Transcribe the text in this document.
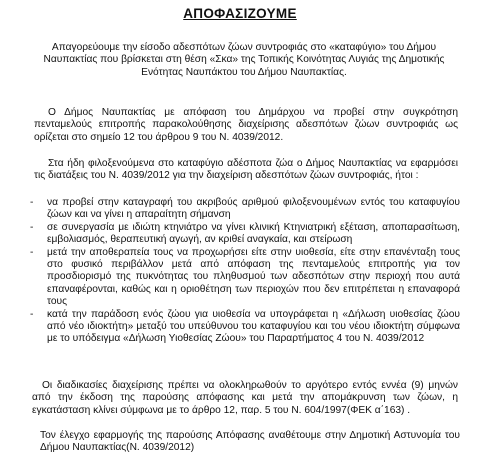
ΑΠΟΦΑΣΙΖΟΥΜΕ
Απαγορεύουμε την είσοδο αδεσπότων ζώων συντροφιάς στο «καταφύγιο» του Δήμου Ναυπακτίας που βρίσκεται στη θέση «Σκα» της Τοπικής Κοινότητας Λυγιάς της Δημοτικής Ενότητας Ναυπάκτου του Δήμου Ναυπακτίας.
Ο Δήμος Ναυπακτίας με απόφαση του Δημάρχου να προβεί στην συγκρότηση πενταμελούς επιτροπής παρακολούθησης διαχείρισης αδεσπότων ζώων συντροφιάς ως ορίζεται στο σημείο 12 του άρθρου 9 του Ν. 4039/2012.
Στα ήδη φιλοξενούμενα στο καταφύγιο αδέσποτα ζώα ο Δήμος Ναυπακτίας να εφαρμόσει τις διατάξεις του Ν. 4039/2012 για την διαχείριση αδεσπότων ζώων συντροφιάς, ήτοι :
- να προβεί στην καταγραφή του ακριβούς αριθμού φιλοξενουμένων εντός του καταφυγίου ζώων και να γίνει η απαραίτητη σήμανση
- σε συνεργασία με ιδιώτη κτηνιάτρο να γίνει κλινική Κτηνιατρική εξέταση, αποπαρασίτωση, εμβολιασμός, θεραπευτική αγωγή, αν κριθεί αναγκαία, και στείρωση
- μετά την αποθεραπεία τους να προχωρήσει είτε στην υιοθεσία, είτε στην επανένταξη τους στο φυσικό περιβάλλον μετά από απόφαση της πενταμελούς επιτροπής για τον προσδιορισμό της πυκνότητας του πληθυσμού των αδεσπότων στην περιοχή που αυτά επαναφέρονται, καθώς και η οριοθέτηση των περιοχών που δεν επιτρέπεται η επαναφορά τους
- κατά την παράδοση ενός ζώου για υιοθεσία να υπογράφεται η «Δήλωση υιοθεσίας ζώου από νέο ιδιοκτήτη» μεταξύ του υπεύθυνου του καταφυγίου και του νέου ιδιοκτήτη σύμφωνα με το υπόδειγμα «Δήλωση Υιοθεσίας Ζώου» του Παραρτήματος 4 του Ν. 4039/2012
Οι διαδικασίες διαχείρισης πρέπει να ολοκληρωθούν το αργότερο εντός εννέα (9) μηνών από την έκδοση της παρούσης απόφασης και μετά την απομάκρυνση των ζώων, η εγκατάσταση κλίνει σύμφωνα με το άρθρο 12, παρ. 5 του Ν. 604/1997(ΦΕΚ α΄163) .
Τον έλεγχο εφαρμογής της παρούσης Απόφασης αναθέτουμε στην Δημοτική Αστυνομία του Δήμου Ναυπακτίας(Ν. 4039/2012)
